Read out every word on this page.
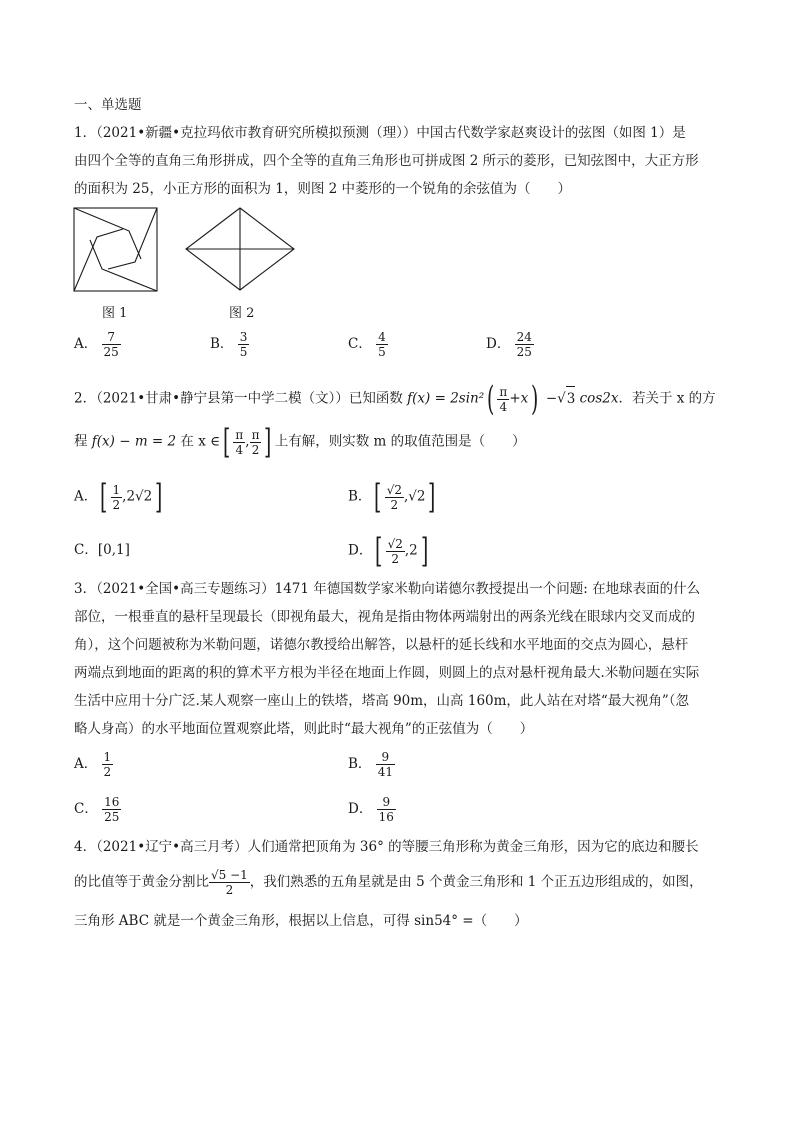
一、单选题
1．（2021•新疆•克拉玛依市教育研究所模拟预测（理））中国古代数学家赵爽设计的弦图（如图 1）是
由四个全等的直角三角形拼成，四个全等的直角三角形也可拼成图 2 所示的菱形，已知弦图中，大正方形
的面积为 25，小正方形的面积为 1，则图 2 中菱形的一个锐角的余弦值为（　　）
图 1	图 2
A． $\frac{7}{25}$	B． $\frac{3}{5}$	C． $\frac{4}{5}$	D． $\frac{24}{25}$
2．（2021•甘肃•静宁县第一中学二模（文））已知函数 $f(x) = 2\sin^2( \frac{\pi}{4} +x) -√3$ cos2x．若关于 x 的方
程 f(x) − m = 2 在 x ∈[ $\frac{\pi}{4}$ , $\frac{\pi}{2}$ ] 上有解，则实数 m 的取值范围是（　　）
A．[ $\frac{1}{2} ,2√2$]	B．[ $\frac{√2}{2} ,√2$]
C．[0,1]	D．[ $\frac{√2}{2} ,2$]
3．（2021•全国•高三专题练习）1471 年德国数学家米勒向诺德尔教授提出一个问题: 在地球表面的什么
部位，一根垂直的悬杆呈现最长（即视角最大，视角是指由物体两端射出的两条光线在眼球内交叉而成的
角），这个问题被称为米勒问题，诺德尔教授给出解答，以悬杆的延长线和水平地面的交点为圆心，悬杆
两端点到地面的距离的积的算术平方根为半径在地面上作圆，则圆上的点对悬杆视角最大.米勒问题在实际
生活中应用十分广泛.某人观察一座山上的铁塔，塔高 90m，山高 160m，此人站在对塔“最大视角”（忽
略人身高）的水平地面位置观察此塔，则此时“最大视角”的正弦值为（　　）
A． $\frac{1}{2}$	B． $\frac{9}{41}$
C． $\frac{16}{25}$	D． $\frac{9}{16}$
4．（2021•辽宁•高三月考）人们通常把顶角为 36° 的等腰三角形称为黄金三角形，因为它的底边和腰长
的比值等于黄金分割比 $\frac{√5 -1}{2}$ ，我们熟悉的五角星就是由 5 个黄金三角形和 1 个正五边形组成的，如图，
三角形 ABC 就是一个黄金三角形，根据以上信息，可得 sin54° =（　　）
